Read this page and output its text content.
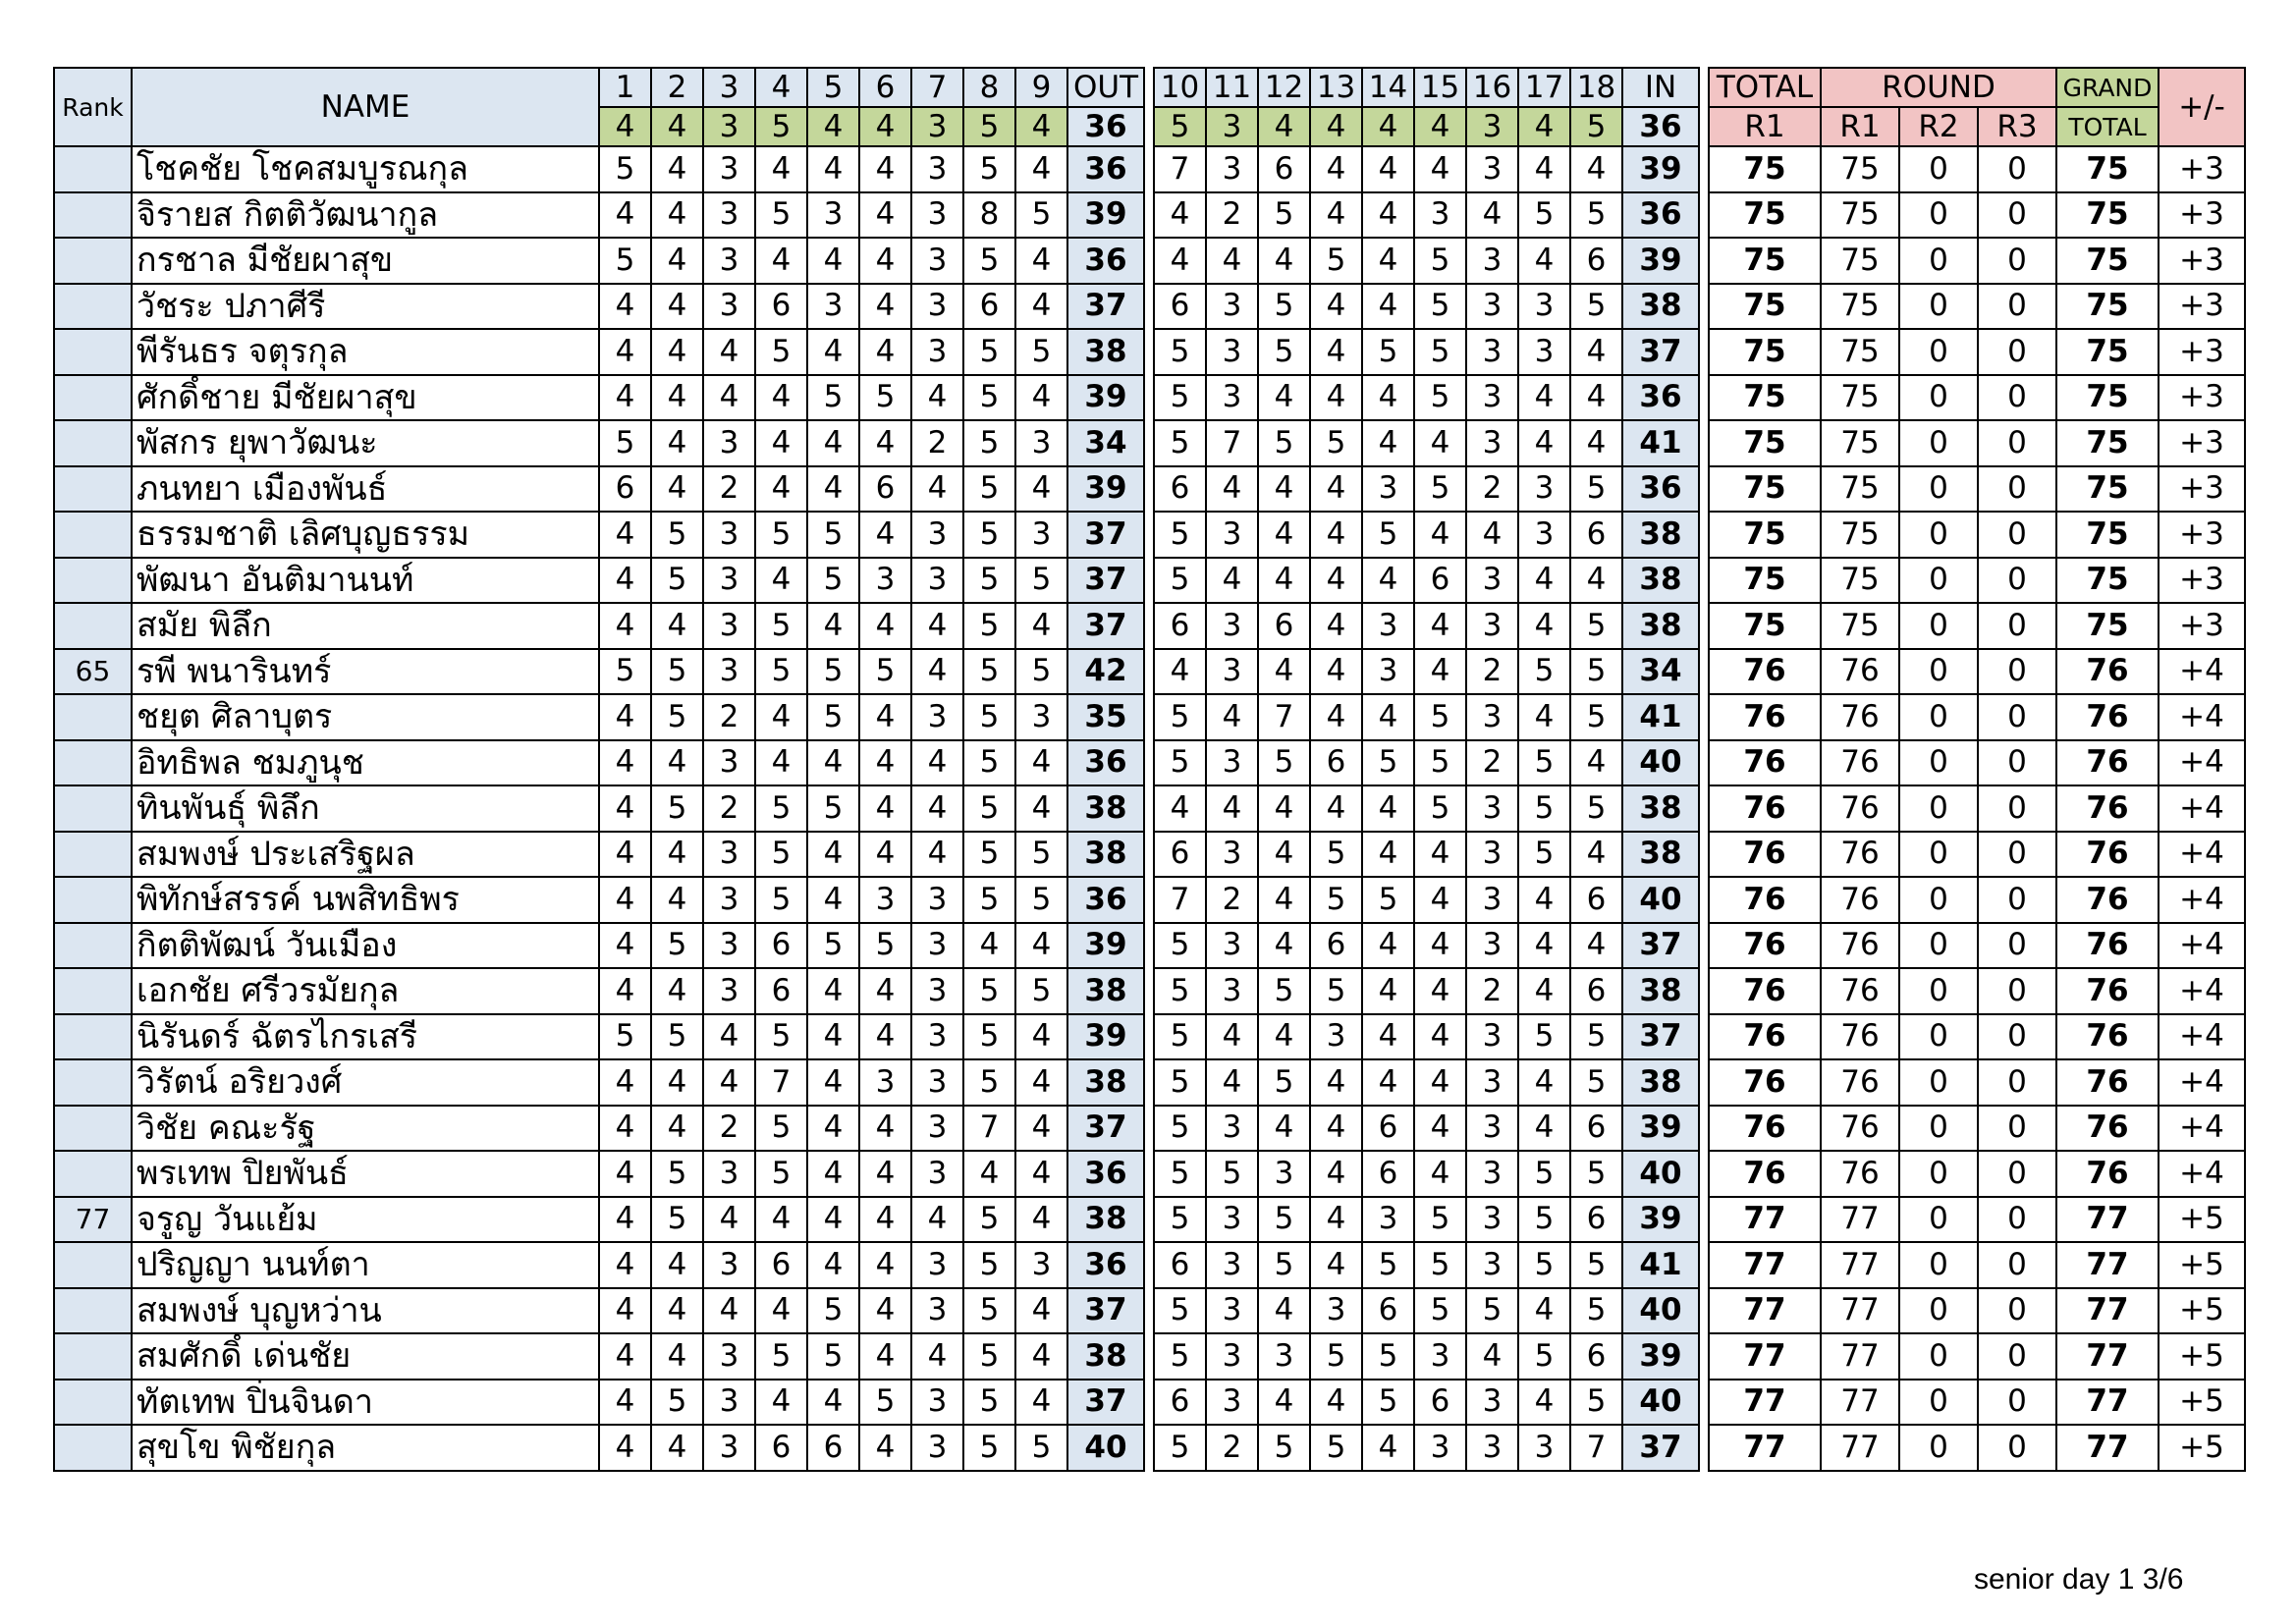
Rank	NAME	1	2	3	4	5	6	7	8	9	OUT		10	11	12	13	14	15	16	17	18	IN		TOTAL	ROUND			GRAND	+/-
		4	4	3	5	4	4	3	5	4	36		5	3	4	4	4	4	3	4	5	36		R1	R1	R2	R3	TOTAL	
	โชคชัย โชคสมบูรณกุล	5	4	3	4	4	4	3	5	4	36		7	3	6	4	4	4	3	4	4	39		75	75	0	0	75	+3
	จิรายส กิตติวัฒนากูล	4	4	3	5	3	4	3	8	5	39		4	2	5	4	4	3	4	5	5	36		75	75	0	0	75	+3
	กรชาล มีชัยผาสุข	5	4	3	4	4	4	3	5	4	36		4	4	4	5	4	5	3	4	6	39		75	75	0	0	75	+3
	วัชระ ปภาศีรี	4	4	3	6	3	4	3	6	4	37		6	3	5	4	4	5	3	3	5	38		75	75	0	0	75	+3
	พีรันธร จตุรกุล	4	4	4	5	4	4	3	5	5	38		5	3	5	4	5	5	3	3	4	37		75	75	0	0	75	+3
	ศักดิ์ชาย มีชัยผาสุข	4	4	4	4	5	5	4	5	4	39		5	3	4	4	4	5	3	4	4	36		75	75	0	0	75	+3
	พัสกร ยุพาวัฒนะ	5	4	3	4	4	4	2	5	3	34		5	7	5	5	4	4	3	4	4	41		75	75	0	0	75	+3
	ภนทยา เมืองพันธ์	6	4	2	4	4	6	4	5	4	39		6	4	4	4	3	5	2	3	5	36		75	75	0	0	75	+3
	ธรรมชาติ เลิศบุญธรรม	4	5	3	5	5	4	3	5	3	37		5	3	4	4	5	4	4	3	6	38		75	75	0	0	75	+3
	พัฒนา อันติมานนท์	4	5	3	4	5	3	3	5	5	37		5	4	4	4	4	6	3	4	4	38		75	75	0	0	75	+3
	สมัย พิลึก	4	4	3	5	4	4	4	5	4	37		6	3	6	4	3	4	3	4	5	38		75	75	0	0	75	+3
65	รพี พนารินทร์	5	5	3	5	5	5	4	5	5	42		4	3	4	4	3	4	2	5	5	34		76	76	0	0	76	+4
	ชยุต ศิลาบุตร	4	5	2	4	5	4	3	5	3	35		5	4	7	4	4	5	3	4	5	41		76	76	0	0	76	+4
	อิทธิพล ชมภูนุช	4	4	3	4	4	4	4	5	4	36		5	3	5	6	5	5	2	5	4	40		76	76	0	0	76	+4
	ทินพันธุ์ พิลึก	4	5	2	5	5	4	4	5	4	38		4	4	4	4	4	5	3	5	5	38		76	76	0	0	76	+4
	สมพงษ์ ประเสริฐผล	4	4	3	5	4	4	4	5	5	38		6	3	4	5	4	4	3	5	4	38		76	76	0	0	76	+4
	พิทักษ์สรรค์ นพสิทธิพร	4	4	3	5	4	3	3	5	5	36		7	2	4	5	5	4	3	4	6	40		76	76	0	0	76	+4
	กิตติพัฒน์ วันเมือง	4	5	3	6	5	5	3	4	4	39		5	3	4	6	4	4	3	4	4	37		76	76	0	0	76	+4
	เอกชัย ศรีวรมัยกุล	4	4	3	6	4	4	3	5	5	38		5	3	5	5	4	4	2	4	6	38		76	76	0	0	76	+4
	นิรันดร์ ฉัตรไกรเสรี	5	5	4	5	4	4	3	5	4	39		5	4	4	3	4	4	3	5	5	37		76	76	0	0	76	+4
	วิรัตน์ อริยวงศ์	4	4	4	7	4	3	3	5	4	38		5	4	5	4	4	4	3	4	5	38		76	76	0	0	76	+4
	วิชัย คณะรัฐ	4	4	2	5	4	4	3	7	4	37		5	3	4	4	6	4	3	4	6	39		76	76	0	0	76	+4
	พรเทพ ปิยพันธ์	4	5	3	5	4	4	3	4	4	36		5	5	3	4	6	4	3	5	5	40		76	76	0	0	76	+4
77	จรูญ วันแย้ม	4	5	4	4	4	4	4	5	4	38		5	3	5	4	3	5	3	5	6	39		77	77	0	0	77	+5
	ปริญญา นนท์ตา	4	4	3	6	4	4	3	5	3	36		6	3	5	4	5	5	3	5	5	41		77	77	0	0	77	+5
	สมพงษ์ บุญหว่าน	4	4	4	4	5	4	3	5	4	37		5	3	4	3	6	5	5	4	5	40		77	77	0	0	77	+5
	สมศักดิ์ เด่นชัย	4	4	3	5	5	4	4	5	4	38		5	3	3	5	5	3	4	5	6	39		77	77	0	0	77	+5
	ทัตเทพ ปิ่นจินดา	4	5	3	4	4	5	3	5	4	37		6	3	4	4	5	6	3	4	5	40		77	77	0	0	77	+5
	สุขโข พิชัยกุล	4	4	3	6	6	4	3	5	5	40		5	2	5	5	4	3	3	3	7	37		77	77	0	0	77	+5
senior day 1 3/6
